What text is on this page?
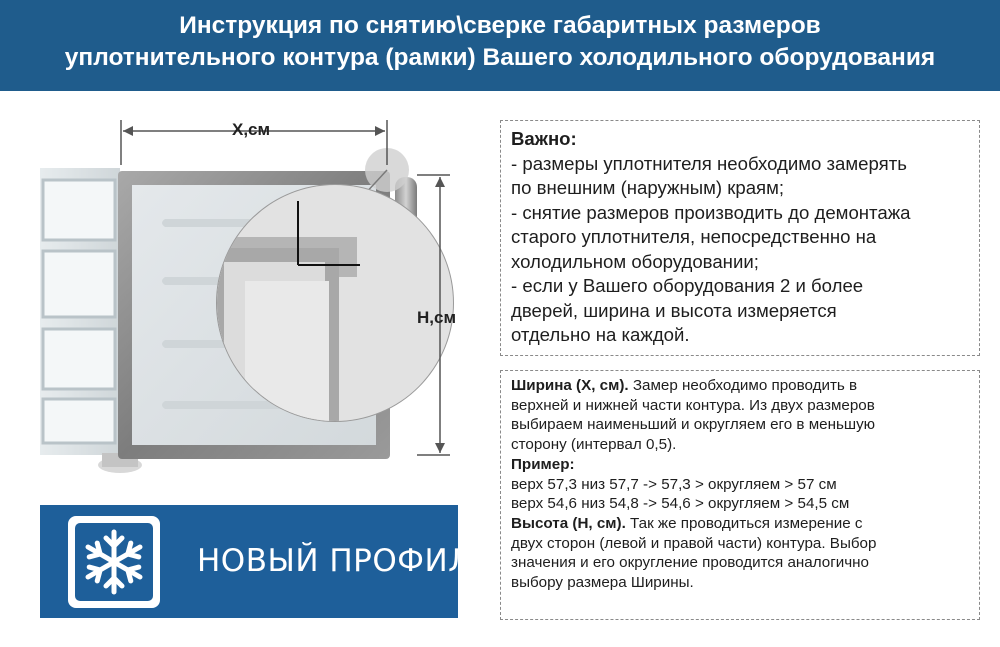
Инструкция по снятию\сверке габаритных размеров
уплотнительного контура (рамки) Вашего холодильного оборудования
Х,см
Н,см
Важно:
- размеры уплотнителя необходимо замерять
по внешним (наружным) краям;
- снятие размеров производить до демонтажа
старого уплотнителя, непосредственно на
холодильном оборудовании;
- если у Вашего оборудования 2 и более
дверей, ширина и высота измеряется
отдельно на каждой.
Ширина (Х, см). Замер необходимо проводить в
верхней и нижней части контура. Из двух размеров
выбираем наименьший и округляем его в меньшую
сторону (интервал 0,5).
Пример:
верх 57,3 низ 57,7 -> 57,3 > округляем > 57 см
верх 54,6 низ 54,8 -> 54,6 > округляем > 54,5 см
Высота (Н, см). Так же проводиться измерение с
двух сторон (левой и правой части) контура. Выбор
значения и его округление проводится аналогично
выбору размера Ширины.
НОВЫЙ ПРОФИЛЬ
